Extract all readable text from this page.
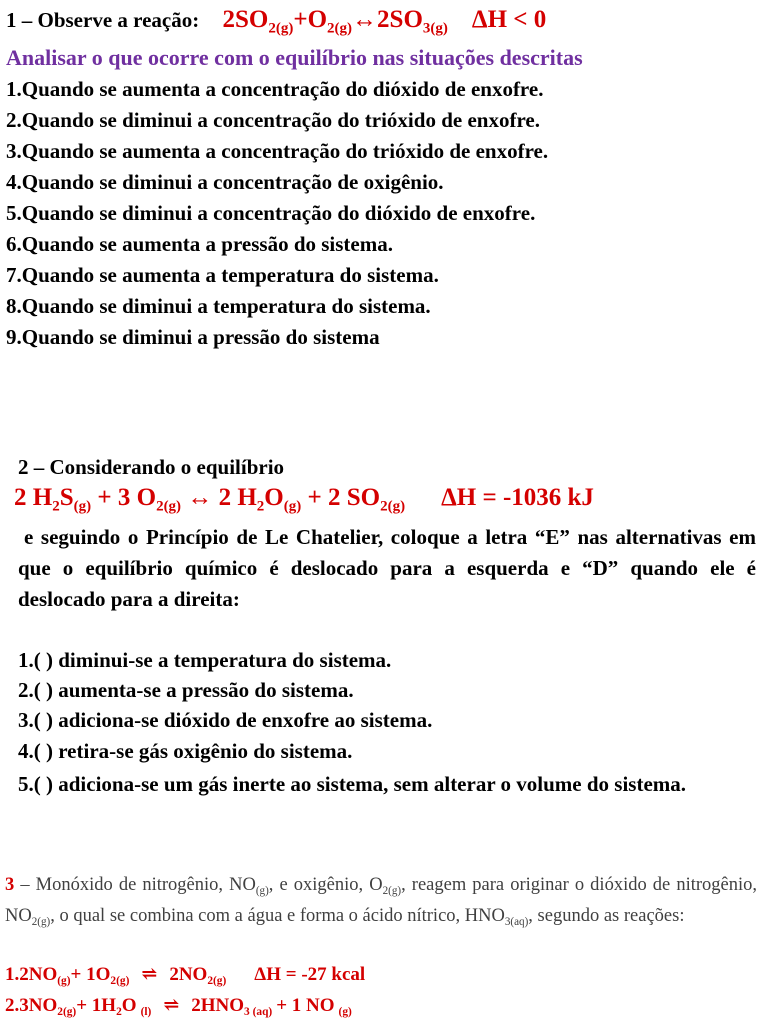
1 – Observe a reação: $2SO_{2(g)}+O_{2(g)}\leftrightarrow 2SO_{3(g)}$ ΔH < 0
Analisar o que ocorre com o equilíbrio nas situações descritas
1.Quando se aumenta a concentração do dióxido de enxofre.
2.Quando se diminui a concentração do trióxido de enxofre.
3.Quando se aumenta a concentração do trióxido de enxofre.
4.Quando se diminui a concentração de oxigênio.
5.Quando se diminui a concentração do dióxido de enxofre.
6.Quando se aumenta a pressão do sistema.
7.Quando se aumenta a temperatura do sistema.
8.Quando se diminui a temperatura do sistema.
9.Quando se diminui a pressão do sistema
2 – Considerando o equilíbrio
2 $H_2S_{(g)} + 3$ $O_{2(g)}$ ↔ 2 $H_2O_{(g)} + 2$ $SO_{2(g)}$ ΔH = -1036 kJ
e seguindo o Princípio de Le Chatelier, coloque a letra “E” nas alternativas em que o equilíbrio químico é deslocado para a esquerda e “D” quando ele é deslocado para a direita:
1.( ) diminui-se a temperatura do sistema.
2.( ) aumenta-se a pressão do sistema.
3.( ) adiciona-se dióxido de enxofre ao sistema.
4.( ) retira-se gás oxigênio do sistema.
5.( ) adiciona-se um gás inerte ao sistema, sem alterar o volume do sistema.
3 – Monóxido de nitrogênio, $NO_{(g)}$, e oxigênio, $O_{2(g)}$, reagem para originar o dióxido de nitrogênio, $NO_{2(g)}$, o qual se combina com a água e forma o ácido nítrico, $HNO_{3(aq)}$, segundo as reações:
$1.2NO_{(g)}+ 1O_{2(g)}$ ⇌ $2NO_{2(g)}$ ΔH = -27 kcal
$2.3NO_{2(g)}+ 1H_2O$ $_{(l)}$ ⇌ $2HNO_{3 (aq)} + 1$ NO $_{(g)}$
